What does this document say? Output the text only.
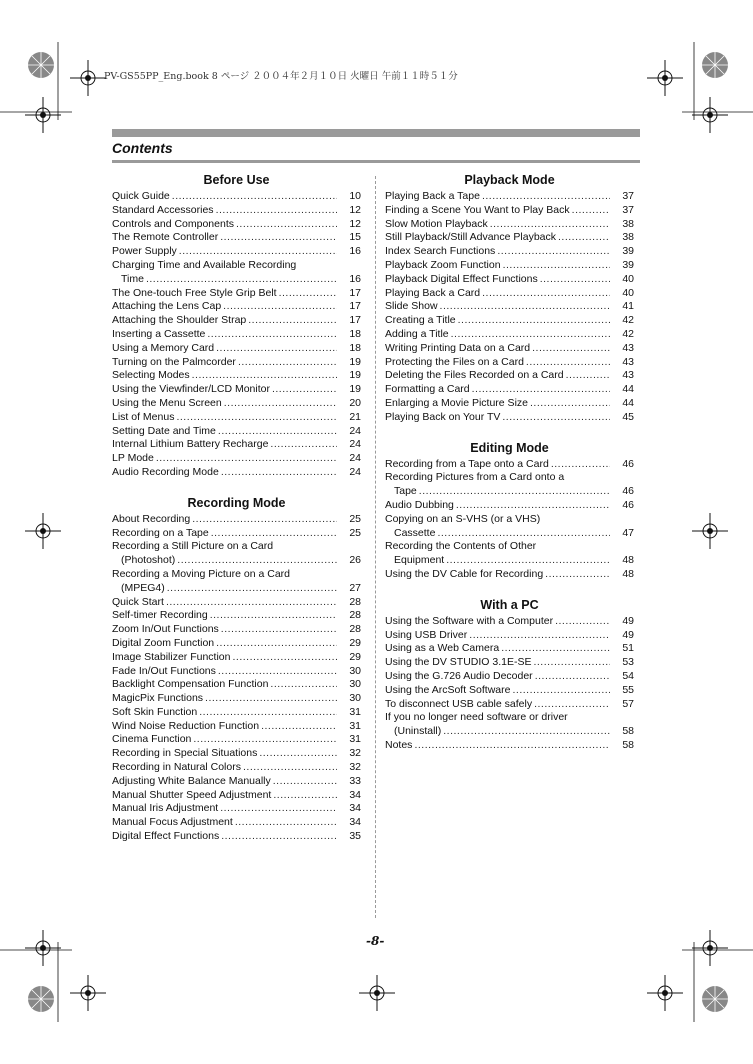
PV-GS55PP_Eng.book 8 ページ ２００４年２月１０日 火曜日 午前１１時５１分
Contents
Before Use
Quick Guide .....	10
Standard Accessories .....	12
Controls and Components .....	12
The Remote Controller .....	15
Power Supply .....	16
Charging Time and Available Recording
Time .....	16
The One-touch Free Style Grip Belt .....	17
Attaching the Lens Cap .....	17
Attaching the Shoulder Strap .....	17
Inserting a Cassette .....	18
Using a Memory Card .....	18
Turning on the Palmcorder .....	19
Selecting Modes .....	19
Using the Viewfinder/LCD Monitor .....	19
Using the Menu Screen .....	20
List of Menus .....	21
Setting Date and Time .....	24
Internal Lithium Battery Recharge .....	24
LP Mode .....	24
Audio Recording Mode .....	24
Recording Mode
About Recording .....	25
Recording on a Tape .....	25
Recording a Still Picture on a Card
(Photoshot) .....	26
Recording a Moving Picture on a Card
(MPEG4) .....	27
Quick Start .....	28
Self-timer Recording .....	28
Zoom In/Out Functions .....	28
Digital Zoom Function .....	29
Image Stabilizer Function .....	29
Fade In/Out Functions .....	30
Backlight Compensation Function .....	30
MagicPix Functions .....	30
Soft Skin Function .....	31
Wind Noise Reduction Function .....	31
Cinema Function .....	31
Recording in Special Situations .....	32
Recording in Natural Colors .....	32
Adjusting White Balance Manually .....	33
Manual Shutter Speed Adjustment .....	34
Manual Iris Adjustment .....	34
Manual Focus Adjustment .....	34
Digital Effect Functions .....	35
Playback Mode
Playing Back a Tape .....	37
Finding a Scene You Want to Play Back .....	37
Slow Motion Playback .....	38
Still Playback/Still Advance Playback .....	38
Index Search Functions .....	39
Playback Zoom Function .....	39
Playback Digital Effect Functions .....	40
Playing Back a Card .....	40
Slide Show .....	41
Creating a Title .....	42
Adding a Title .....	42
Writing Printing Data on a Card .....	43
Protecting the Files on a Card .....	43
Deleting the Files Recorded on a Card .....	43
Formatting a Card .....	44
Enlarging a Movie Picture Size .....	44
Playing Back on Your TV .....	45
Editing Mode
Recording from a Tape onto a Card .....	46
Recording Pictures from a Card onto a
Tape .....	46
Audio Dubbing .....	46
Copying on an S-VHS (or a VHS)
Cassette .....	47
Recording the Contents of Other
Equipment .....	48
Using the DV Cable for Recording .....	48
With a PC
Using the Software with a Computer .....	49
Using USB Driver .....	49
Using as a Web Camera .....	51
Using the DV STUDIO 3.1E-SE .....	53
Using the G.726 Audio Decoder .....	54
Using the ArcSoft Software .....	55
To disconnect USB cable safely .....	57
If you no longer need software or driver
(Uninstall) .....	58
Notes .....	58
-8-
